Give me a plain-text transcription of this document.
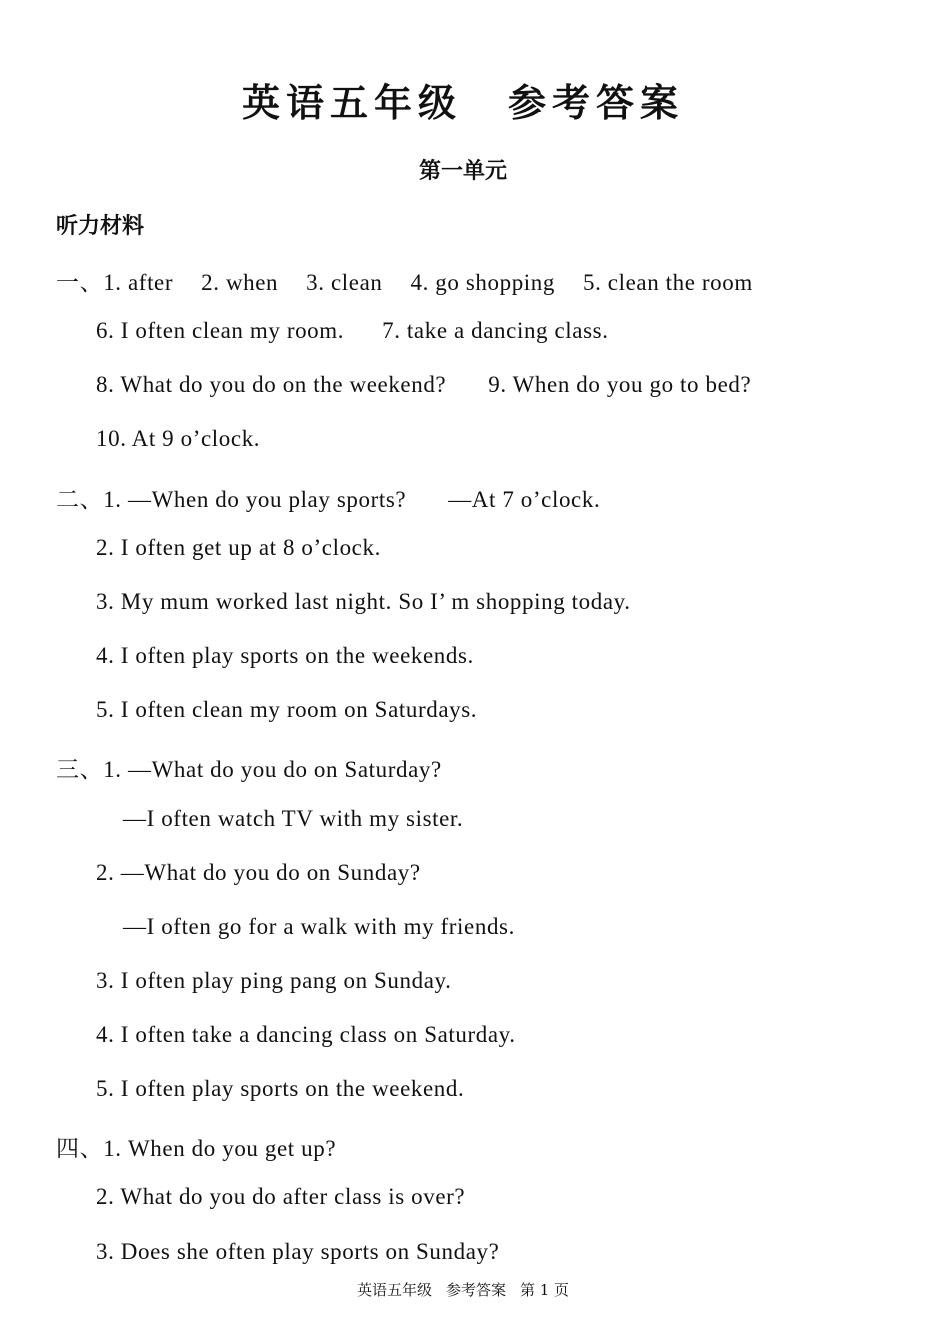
英语五年级 参考答案
第一单元
听力材料
一、1. after 2. when 3. clean 4. go shopping 5. clean the room
6. I often clean my room. 7. take a dancing class.
8. What do you do on the weekend? 9. When do you go to bed?
10. At 9 o’clock.
二、1. —When do you play sports? —At 7 o’clock.
2. I often get up at 8 o’clock.
3. My mum worked last night. So I’ m shopping today.
4. I often play sports on the weekends.
5. I often clean my room on Saturdays.
三、1. —What do you do on Saturday?
—I often watch TV with my sister.
2. —What do you do on Sunday?
—I often go for a walk with my friends.
3. I often play ping pang on Sunday.
4. I often take a dancing class on Saturday.
5. I often play sports on the weekend.
四、1. When do you get up?
2. What do you do after class is over?
3. Does she often play sports on Sunday?
英语五年级 参考答案 第 1 页
